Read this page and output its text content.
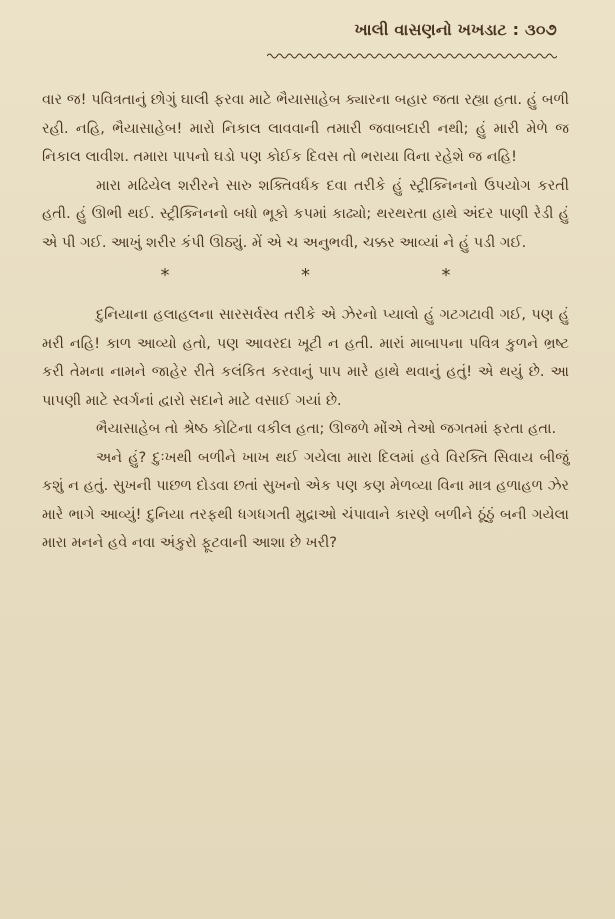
ખાલી વાસણનો ખખડાટ : ૩૦૭

વાર જ! પવિત્રતાનું છોગું ઘાલી ફરવા માટે ભૈયાસાહેબ ક્યારના બહાર જતા રહ્યા હતા. હું બળી રહી. નહિ, ભૈયાસાહેબ! મારો નિકાલ લાવવાની તમારી જવાબદારી નથી; હું મારી મેળે જ નિકાલ લાવીશ. તમારા પાપનો ઘડો પણ કોઈક દિવસ તો ભરાયા વિના રહેશે જ નહિ!

મારા મઢિયેલ શરીરને સારુ શક્તિવર્ધક દવા તરીકે હું સ્ટ્રીક્નિનનો ઉપયોગ કરતી હતી. હું ઊભી થઈ. સ્ટ્રીક્નિનનો બધો ભૂકો કપમાં કાઢ્યો; થરથરતા હાથે અંદર પાણી રેડી હું એ પી ગઈ. આખું શરીર કંપી ઊઠ્યું. મેં એ ચ અનુભવી, ચક્કર આવ્યાં ને હું પડી ગઈ.

*	*	*

દુનિયાના હલાહલના સારસર્વસ્વ તરીકે એ ઝેરનો પ્યાલો હું ગટગટાવી ગઈ, પણ હું મરી નહિ! કાળ આવ્યો હતો, પણ આવરદા ખૂટી ન હતી. મારાં માબાપના પવિત્ર કુળને ભ્રષ્ટ કરી તેમના નામને જાહેર રીતે કલંકિત કરવાનું પાપ મારે હાથે થવાનું હતું! એ થયું છે. આ પાપણી માટે સ્વર્ગનાં દ્વારો સદાને માટે વસાઈ ગયાં છે.

ભૈયાસાહેબ તો શ્રેષ્ઠ કોટિના વકીલ હતા; ઊજળે મોંએ તેઓ જગતમાં ફરતા હતા.

અને હું? દુઃખથી બળીને ખાખ થઈ ગયેલા મારા દિલમાં હવે વિરક્તિ સિવાય બીજું કશું ન હતું. સુખની પાછળ દોડવા છતાં સુખનો એક પણ કણ મેળવ્યા વિના માત્ર હળાહળ ઝેર મારે ભાગે આવ્યું! દુનિયા તરફથી ધગધગતી મુદ્રાઓ ચંપાવાને કારણે બળીને ઠૂંઠું બની ગયેલા મારા મનને હવે નવા અંકુરો ફૂટવાની આશા છે ખરી?
